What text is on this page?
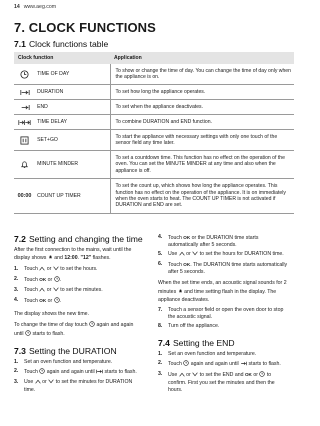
14 www.aeg.com
7. CLOCK FUNCTIONS
7.1 Clock functions table
Clock function		Application

	TIME OF DAY	To show or change the time of day. You can change the time of day only when the appliance is on.

	DURATION	To set how long the appliance operates.

	END	To set when the appliance deactivates.

	TIME DELAY	To combine DURATION and END function.

	SET+GO	To start the appliance with necessary settings with only one touch of the sensor field any time later.

	MINUTE MINDER	To set a countdown time. This function has no effect on the operation of the oven. You can set the MINUTE MINDER at any time and also when the appliance is off.
00:00	COUNT UP TIMER	To set the count up, which shows how long the appliance operates. This function has no effect on the operation of the appliance. It is on immediately when the oven starts to heat. The COUNT UP TIMER is not activated if DURATION and END are set.
7.2 Setting and changing the time

After the first connection to the mains, wait until the display shows and 12:00. "12" flashes.

1. Touch or to set the hours.
2. Touch OK or .
3. Touch or to set the minutes.
4. Touch OK or .

The display shows the new time.

To change the time of day touch again and again until starts to flash.

7.3 Setting the DURATION
1. Set an oven function and temperature.
2. Touch again and again until starts to flash.
3. Use or to set the minutes for DURATION time.
4. Touch OK or the DURATION time starts automatically after 5 seconds.
5. Use or to set the hours for DURATION time.
6. Touch OK. The DURATION time starts automatically after 5 seconds.

When the set time ends, an acoustic signal sounds for 2 minutes and time setting flash in the display. The appliance deactivates.

7. Touch a sensor field or open the oven door to stop the acoustic signal.
8. Turn off the appliance.
7.4 Setting the END
1. Set an oven function and temperature.
2. Touch again and again until starts to flash.
3. Use or to set the END and OK or to confirm. First you set the minutes and then the hours.
